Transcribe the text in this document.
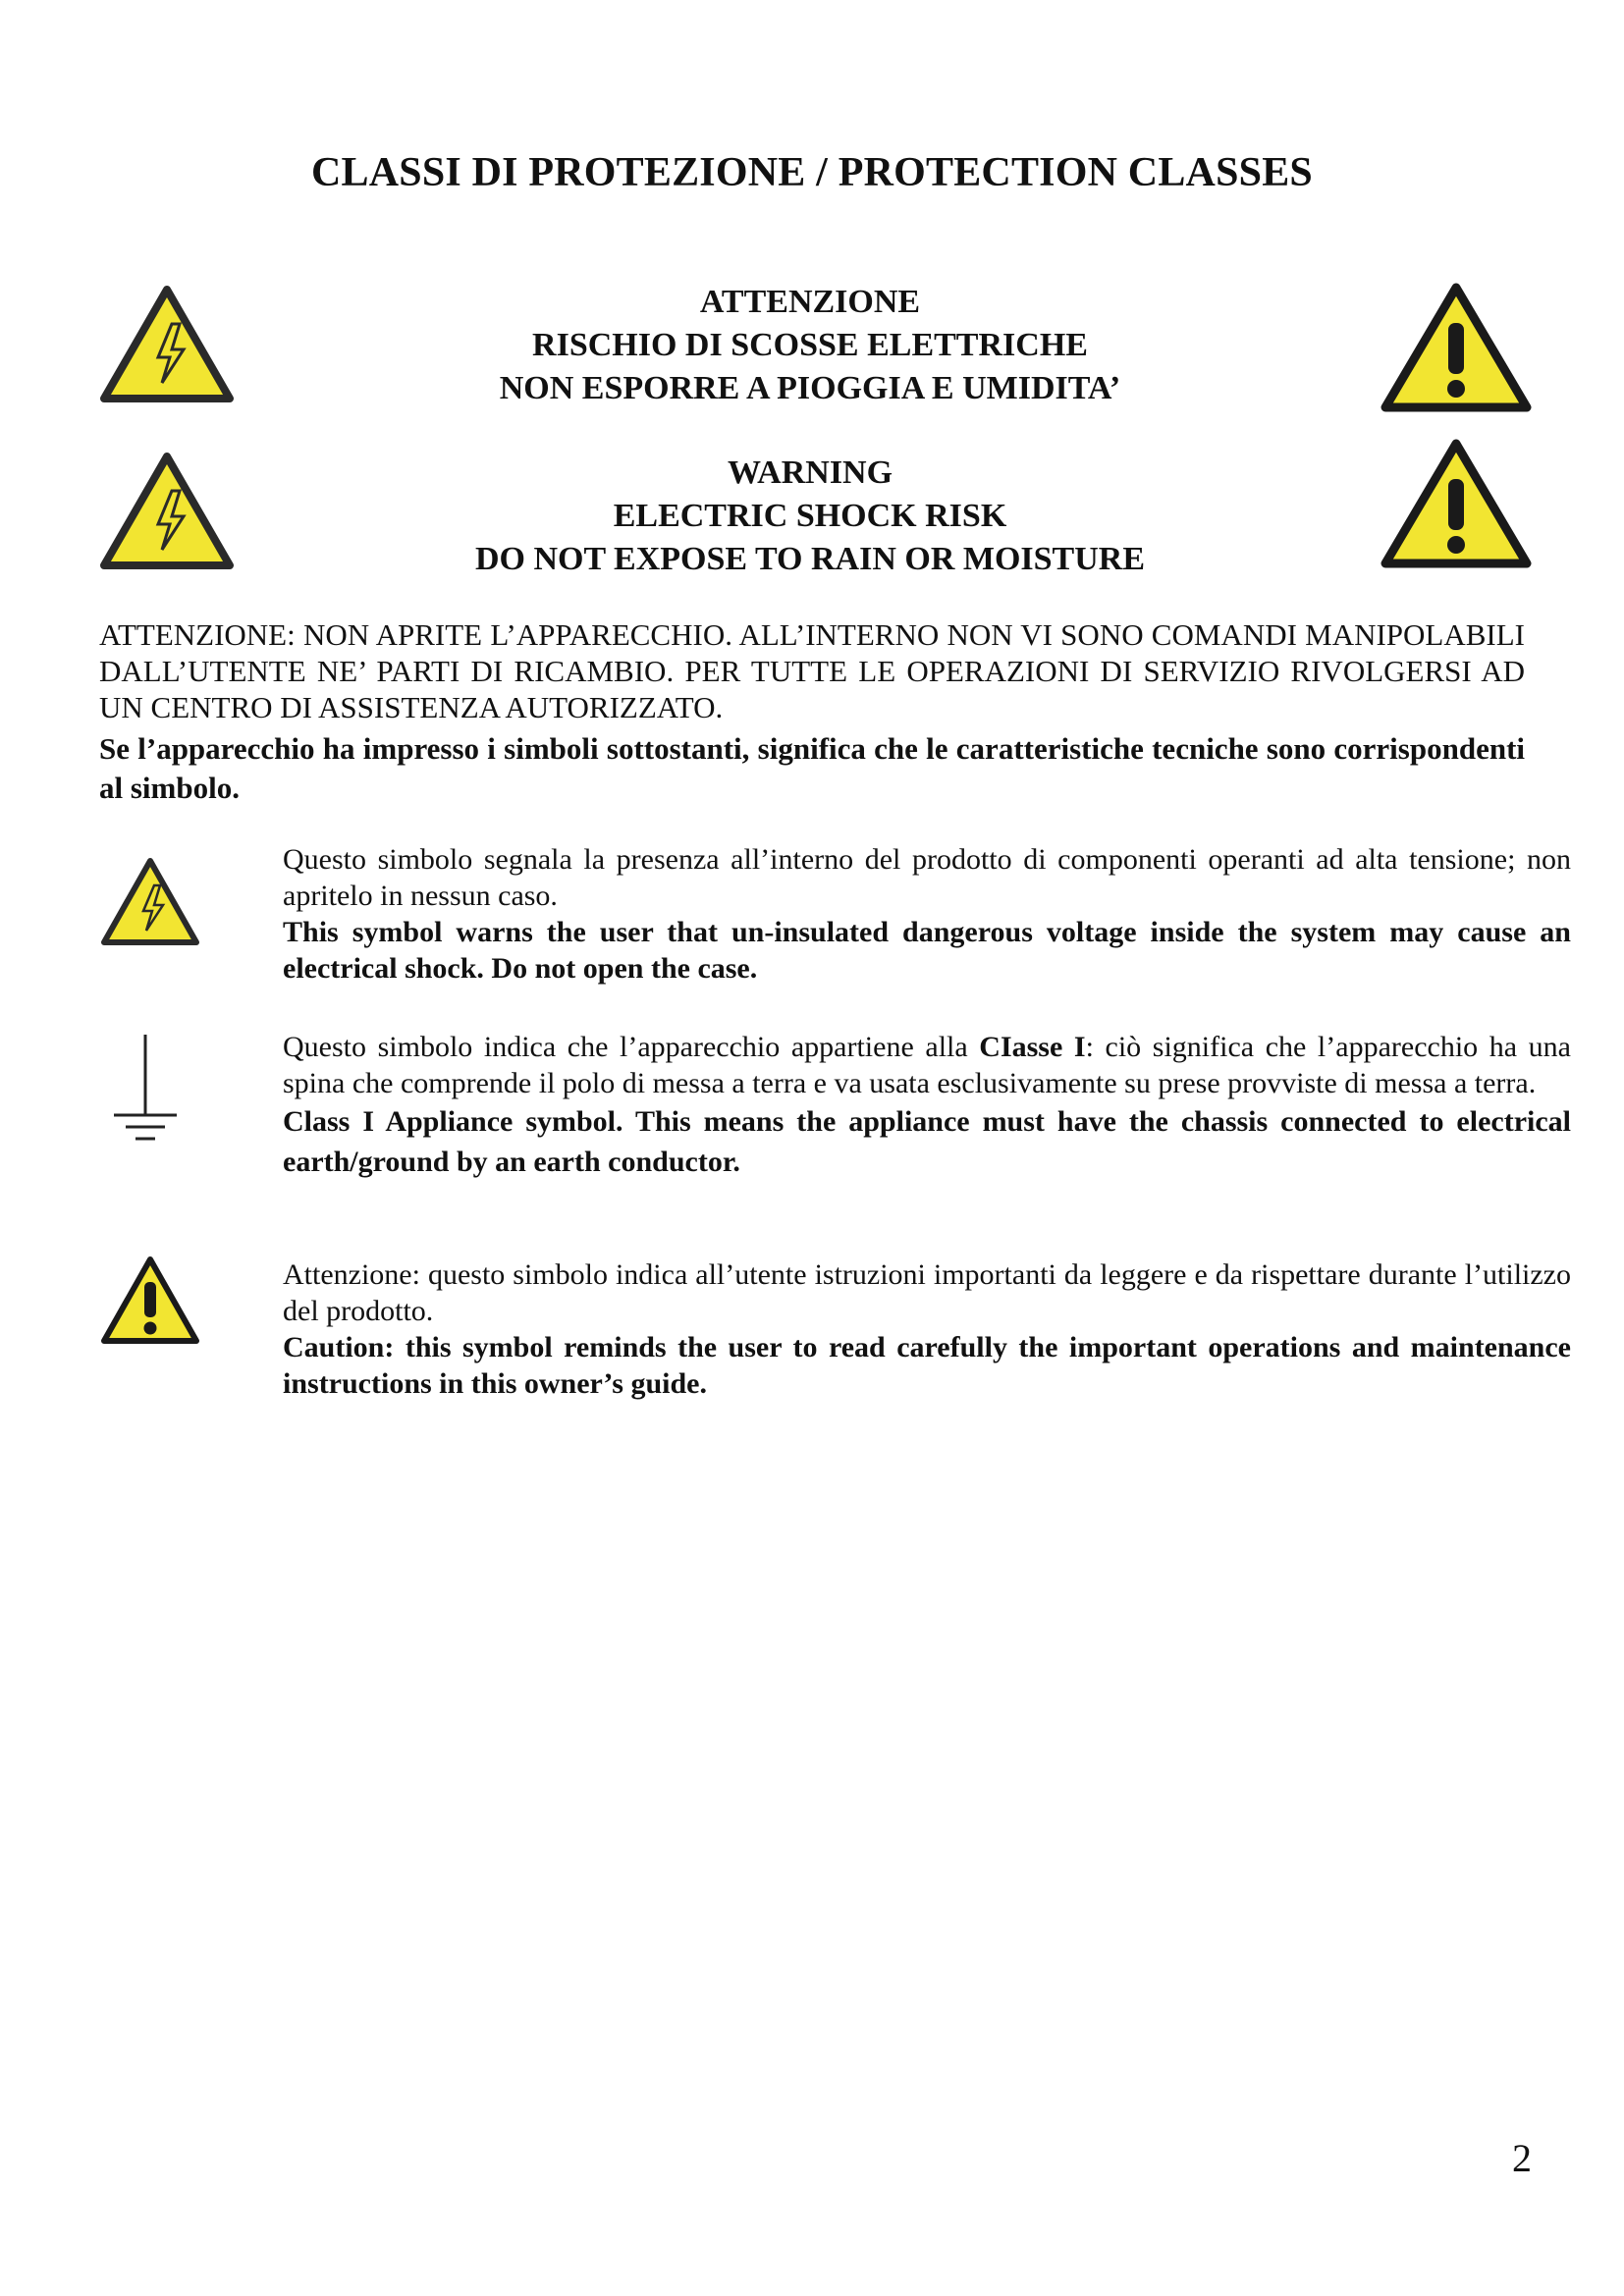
CLASSI DI PROTEZIONE / PROTECTION CLASSES
ATTENZIONE
RISCHIO DI SCOSSE ELETTRICHE
NON ESPORRE A PIOGGIA E UMIDITA’
WARNING
ELECTRIC SHOCK RISK
DO NOT EXPOSE TO RAIN OR MOISTURE
ATTENZIONE: NON APRITE L’APPARECCHIO. ALL’INTERNO NON VI SONO COMANDI MANIPOLABILI DALL’UTENTE NE’ PARTI DI RICAMBIO. PER TUTTE LE OPERAZIONI DI SERVIZIO RIVOLGERSI AD UN CENTRO DI ASSISTENZA AUTORIZZATO.
Se l’apparecchio ha impresso i simboli sottostanti, significa che le caratteristiche tecniche sono corrispondenti al simbolo.
Questo simbolo segnala la presenza all’interno del prodotto di componenti operanti ad alta tensione; non apritelo in nessun caso.
This symbol warns the user that un-insulated dangerous voltage inside the system may cause an electrical shock. Do not open the case.
Questo simbolo indica che l’apparecchio appartiene alla CIasse I: ciò significa che l’apparecchio ha una spina che comprende il polo di messa a terra e va usata esclusivamente su prese provviste di messa a terra.
Class I Appliance symbol. This means the appliance must have the chassis connected to electrical earth/ground by an earth conductor.
Attenzione: questo simbolo indica all’utente istruzioni importanti da leggere e da rispettare durante l’utilizzo del prodotto.
Caution: this symbol reminds the user to read carefully the important operations and maintenance instructions in this owner’s guide.
2
